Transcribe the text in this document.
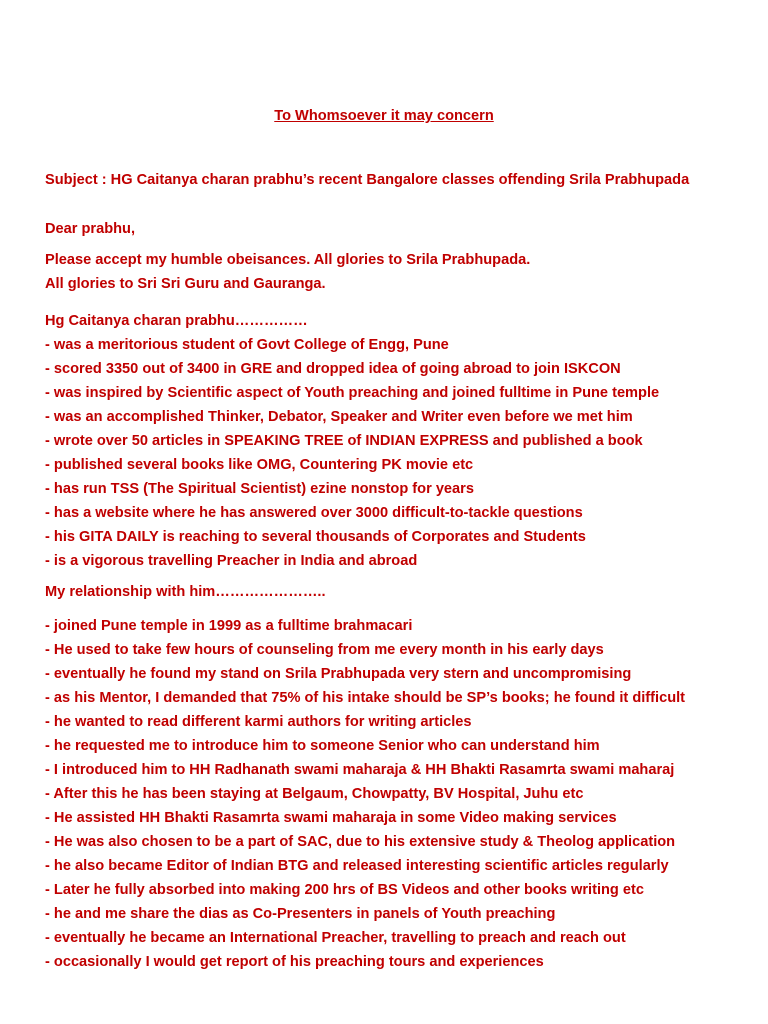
To Whomsoever it may concern
Subject : HG Caitanya charan prabhu’s recent Bangalore classes offending Srila Prabhupada
Dear prabhu,
Please accept my humble obeisances. All glories to Srila Prabhupada.
All glories to Sri Sri Guru and Gauranga.
Hg Caitanya charan prabhu……………
- was a meritorious student of Govt College of Engg, Pune
- scored 3350 out of 3400 in GRE and dropped idea of going abroad to join ISKCON
- was inspired by Scientific aspect of Youth preaching and joined fulltime in Pune temple
- was an accomplished Thinker, Debator, Speaker and Writer even before we met him
- wrote over 50 articles in SPEAKING TREE of INDIAN EXPRESS and published a book
- published several books like OMG, Countering PK movie etc
- has run TSS (The Spiritual Scientist) ezine nonstop for years
- has a website where he has answered over 3000 difficult-to-tackle questions
- his GITA DAILY is reaching to several thousands of Corporates and Students
- is a vigorous travelling Preacher in India and abroad
My relationship with him…………………..
- joined Pune temple in 1999 as a fulltime brahmacari
- He used to take few hours of counseling from me every month in his early days
- eventually he found my stand on Srila Prabhupada very stern and uncompromising
- as his Mentor, I demanded that 75% of his intake should be SP’s books; he found it difficult
- he wanted to read different karmi authors for writing articles
- he requested me to introduce him to someone Senior who can understand him
- I introduced him to HH Radhanath swami maharaja & HH Bhakti Rasamrta swami maharaj
- After this he has been staying at Belgaum, Chowpatty, BV Hospital, Juhu etc
- He assisted HH Bhakti Rasamrta swami maharaja in some Video making services
- He was also chosen to be a part of SAC, due to his extensive study & Theolog application
- he also became Editor of Indian BTG and released interesting scientific articles regularly
- Later he fully absorbed into making 200 hrs of BS Videos and other books writing etc
- he and me share the dias as Co-Presenters in panels of Youth preaching
- eventually he became an International Preacher, travelling to preach and reach out
- occasionally I would get report of his preaching tours and experiences
